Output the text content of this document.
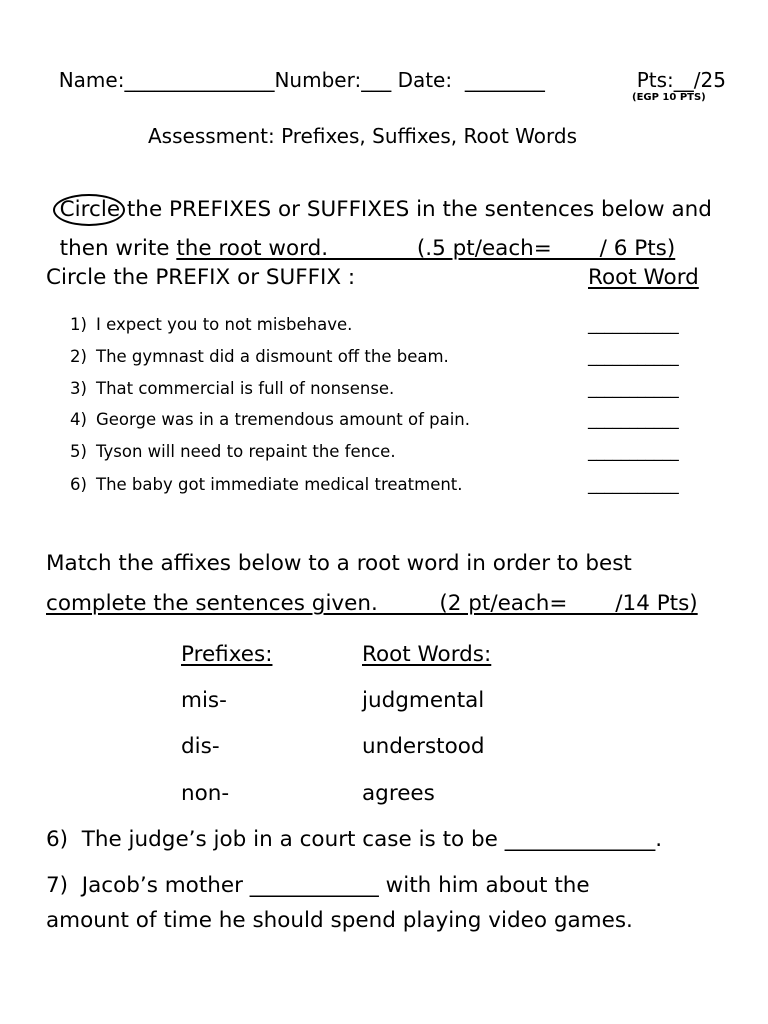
Name:_______________Number:___ Date: ________	Pts:__/25

(EGP 10 PTS)
Assessment: Prefixes, Suffixes, Root Words

Circle the PREFIXES or SUFFIXES in the sentences below and

then write the root word.             (.5 pt/each=       / 6 Pts)

Circle the PREFIX or SUFFIX :	Root Word
1) I expect you to not misbehave.	___________
2) The gymnast did a dismount off the beam.	___________
3) That commercial is full of nonsense.	___________
4) George was in a tremendous amount of pain.	___________
5) Tyson will need to repaint the fence.	___________
6) The baby got immediate medical treatment.	___________
Match the affixes below to a root word in order to best
complete the sentences given.         (2 pt/each=       /14 Pts)
Prefixes:	Root Words:
mis-	judgmental
dis-	understood
non-	agrees
6)  The judge’s job in a court case is to be ______________.
7)  Jacob’s mother ____________ with him about the
amount of time he should spend playing video games.
